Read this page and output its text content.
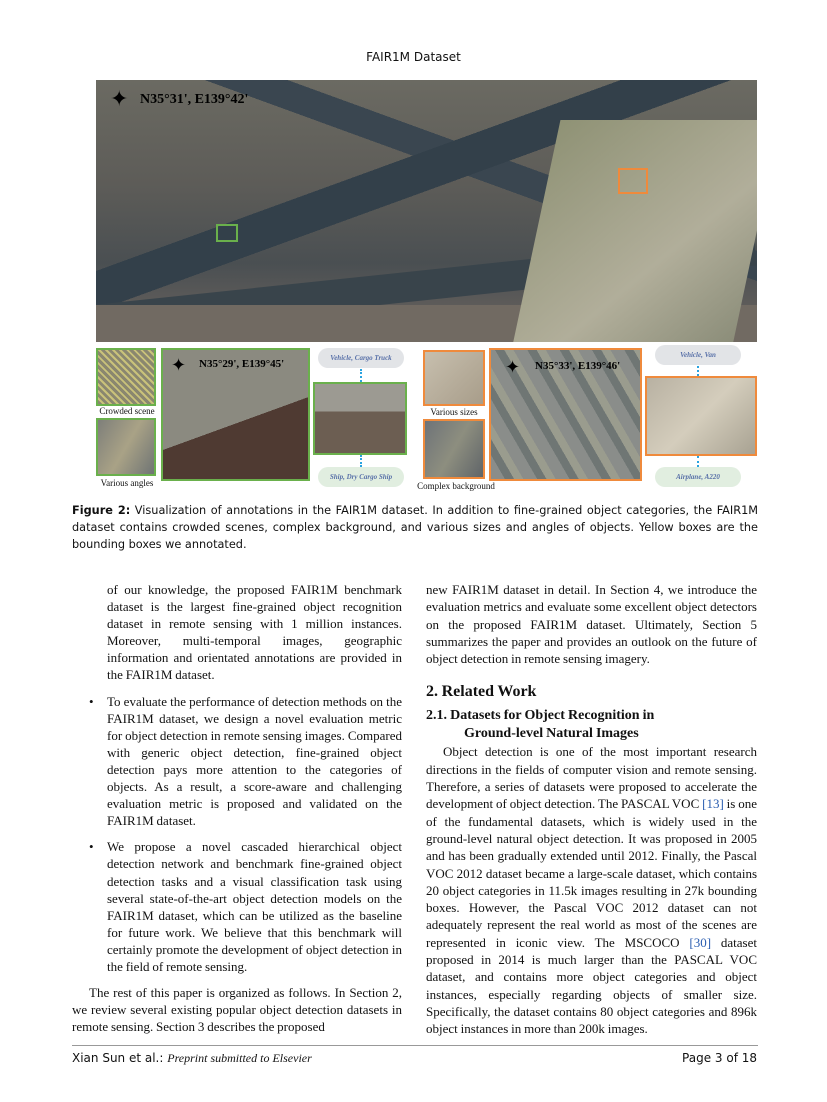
FAIR1M Dataset
✦ N35°31', E139°42'
Crowded scene
Various angles
✦ N35°29', E139°45'	Vehicle, Cargo Truck
Ship, Dry Cargo Ship
Various sizes
Complex background
✦ N35°33', E139°46'
Vehicle, Van
Airplane, A220
Figure 2: Visualization of annotations in the FAIR1M dataset. In addition to fine-grained object categories, the FAIR1M dataset contains crowded scenes, complex background, and various sizes and angles of objects. Yellow boxes are the bounding boxes we annotated.

of our knowledge, the proposed FAIR1M benchmark dataset is the largest fine-grained object recognition dataset in remote sensing with 1 million instances. Moreover, multi-temporal images, geographic information and orientated annotations are provided in the FAIR1M dataset.

• To evaluate the performance of detection methods on the FAIR1M dataset, we design a novel evaluation metric for object detection in remote sensing images. Compared with generic object detection, fine-grained object detection pays more attention to the categories of objects. As a result, a score-aware and challenging evaluation metric is proposed and validated on the FAIR1M dataset.

• We propose a novel cascaded hierarchical object detection network and benchmark fine-grained object detection tasks and a visual classification task using several state-of-the-art object detection models on the FAIR1M dataset, which can be utilized as the baseline for future work. We believe that this benchmark will certainly promote the development of object detection in the field of remote sensing.

The rest of this paper is organized as follows. In Section 2, we review several existing popular object detection datasets in remote sensing. Section 3 describes the proposed

new FAIR1M dataset in detail. In Section 4, we introduce the evaluation metrics and evaluate some excellent object detectors on the proposed FAIR1M dataset. Ultimately, Section 5 summarizes the paper and provides an outlook on the future of object detection in remote sensing imagery.

2. Related Work
2.1. Datasets for Object Recognition in
Ground-level Natural Images

Object detection is one of the most important research directions in the fields of computer vision and remote sensing. Therefore, a series of datasets were proposed to accelerate the development of object detection. The PASCAL VOC [13] is one of the fundamental datasets, which is widely used in the ground-level natural object detection. It was proposed in 2005 and has been gradually extended until 2012. Finally, the Pascal VOC 2012 dataset became a large-scale dataset, which contains 20 object categories in 11.5k images resulting in 27k bounding boxes. However, the Pascal VOC 2012 dataset can not adequately represent the real world as most of the scenes are represented in iconic view. The MSCOCO [30] dataset proposed in 2014 is much larger than the PASCAL VOC dataset, and contains more object categories and object instances, especially regarding objects of smaller size. Specifically, the dataset contains 80 object categories and 896k object instances in more than 200k images.

Xian Sun et al.: Preprint submitted to Elsevier	Page 3 of 18
